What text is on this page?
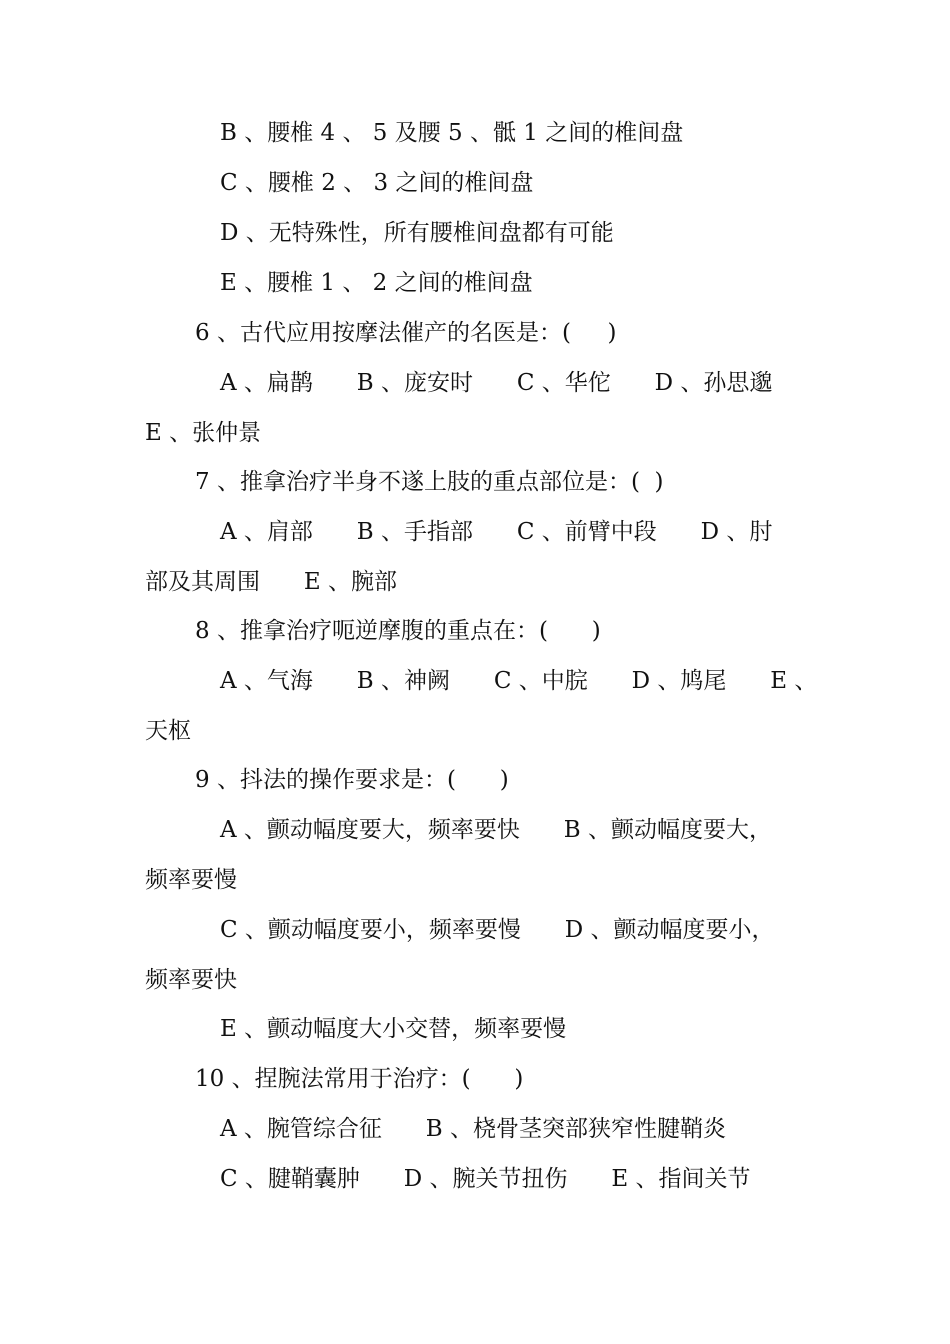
B 、腰椎 4 、 5 及腰 5 、骶 1 之间的椎间盘
C 、腰椎 2 、 3 之间的椎间盘
D 、无特殊性，所有腰椎间盘都有可能
E 、腰椎 1 、 2 之间的椎间盘
6 、古代应用按摩法催产的名医是：(     )
A 、扁鹊      B 、庞安时      C 、华佗      D 、孙思邈
E 、张仲景
7 、推拿治疗半身不遂上肢的重点部位是：(  )
A 、肩部      B 、手指部      C 、前臂中段      D 、肘
部及其周围      E 、腕部
8 、推拿治疗呃逆摩腹的重点在：(      )
A 、气海      B 、神阙      C 、中脘      D 、鸠尾      E 、
天枢
9 、抖法的操作要求是：(      )
A 、颤动幅度要大，频率要快      B 、颤动幅度要大，
频率要慢
C 、颤动幅度要小，频率要慢      D 、颤动幅度要小，
频率要快
E 、颤动幅度大小交替，频率要慢
10 、捏腕法常用于治疗：(      )
A 、腕管综合征      B 、桡骨茎突部狭窄性腱鞘炎
C 、腱鞘囊肿      D 、腕关节扭伤      E 、指间关节
